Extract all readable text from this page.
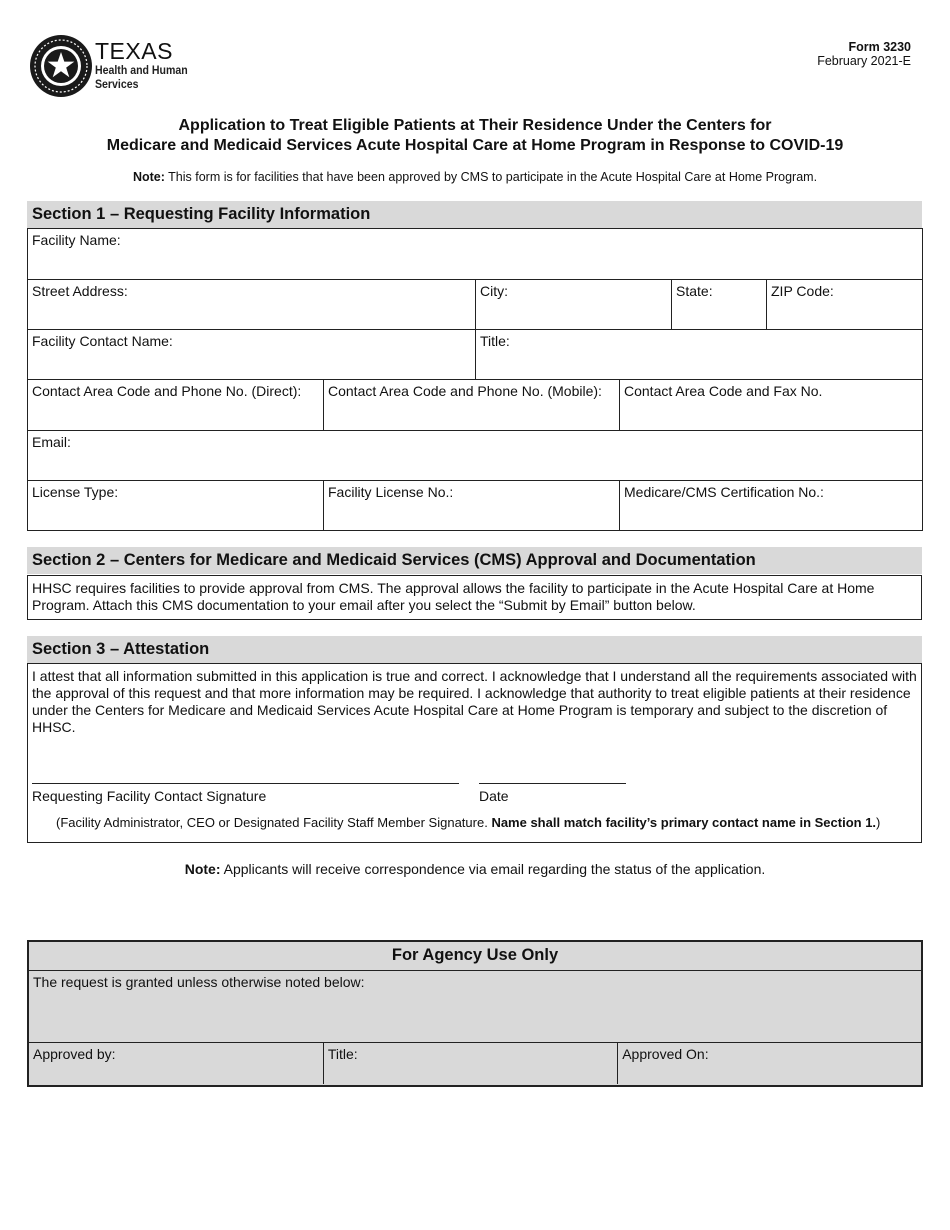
TEXAS
Health and Human
Services
Form 3230
February 2021-E
Application to Treat Eligible Patients at Their Residence Under the Centers for
Medicare and Medicaid Services Acute Hospital Care at Home Program in Response to COVID-19
Note: This form is for facilities that have been approved by CMS to participate in the Acute Hospital Care at Home Program.
Section 1 – Requesting Facility Information
Facility Name:			
Street Address:	City:	State:	ZIP Code:
Facility Contact Name:	Title:		
Contact Area Code and Phone No. (Direct):	Contact Area Code and Phone No. (Mobile):	Contact Area Code and Fax No.
Email:		
License Type:	Facility License No.:	Medicare/CMS Certification No.:
Section 2 – Centers for Medicare and Medicaid Services (CMS) Approval and Documentation
HHSC requires facilities to provide approval from CMS. The approval allows the facility to participate in the Acute Hospital Care at Home Program. Attach this CMS documentation to your email after you select the “Submit by Email” button below.
Section 3 – Attestation
I attest that all information submitted in this application is true and correct. I acknowledge that I understand all the requirements associated with the approval of this request and that more information may be required. I acknowledge that authority to treat eligible patients at their residence under the Centers for Medicare and Medicaid Services Acute Hospital Care at Home Program is temporary and subject to the discretion of HHSC.
Requesting Facility Contact Signature	Date
(Facility Administrator, CEO or Designated Facility Staff Member Signature. Name shall match facility’s primary contact name in Section 1.)
Note: Applicants will receive correspondence via email regarding the status of the application.
For Agency Use Only
The request is granted unless otherwise noted below:
Approved by:	Title:	Approved On:
